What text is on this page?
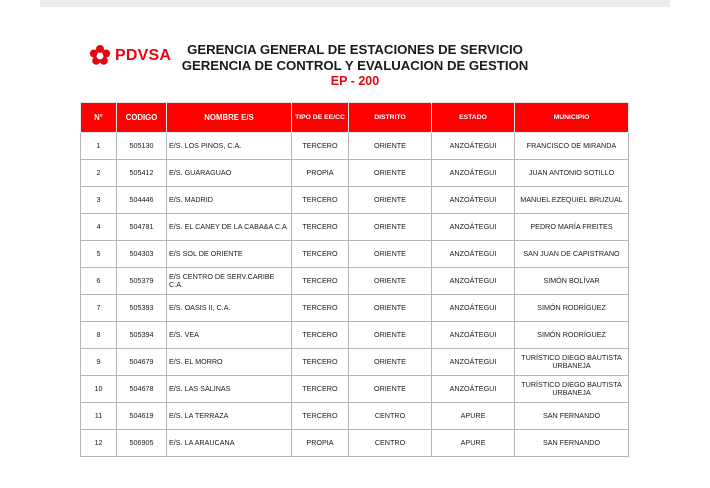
PDVSA	GERENCIA GENERAL DE ESTACIONES DE SERVICIO
GERENCIA DE CONTROL Y EVALUACION DE GESTION
EP - 200
N°	CODIGO	NOMBRE E/S	TIPO DE EE/CC	DISTRITO	ESTADO	MUNICIPIO
1	505130	E/S. LOS PINOS, C.A.	TERCERO	ORIENTE	ANZOÁTEGUI	FRANCISCO DE MIRANDA
2	505412	E/S. GUARAGUAO	PROPIA	ORIENTE	ANZOÁTEGUI	JUAN ANTONIO SOTILLO
3	504446	E/S. MADRID	TERCERO	ORIENTE	ANZOÁTEGUI	MANUEL EZEQUIEL BRUZUAL
4	504781	E/S. EL CANEY DE LA CABA&A C.A	TERCERO	ORIENTE	ANZOÁTEGUI	PEDRO MARÍA FREITES
5	504303	E/S SOL DE ORIENTE	TERCERO	ORIENTE	ANZOÁTEGUI	SAN JUAN DE CAPISTRANO
6	505379	E/S CENTRO DE SERV.CARIBE C.A.	TERCERO	ORIENTE	ANZOÁTEGUI	SIMÓN BOLÍVAR
7	505393	E/S. OASIS II, C.A.	TERCERO	ORIENTE	ANZOÁTEGUI	SIMÓN RODRÍGUEZ
8	505394	E/S. VEA	TERCERO	ORIENTE	ANZOÁTEGUI	SIMÓN RODRÍGUEZ
9	504679	E/S. EL MORRO	TERCERO	ORIENTE	ANZOÁTEGUI	TURÍSTICO DIEGO BAUTISTA URBANEJA
10	504678	E/S. LAS SALINAS	TERCERO	ORIENTE	ANZOÁTEGUI	TURÍSTICO DIEGO BAUTISTA URBANEJA
11	504619	E/S. LA TERRAZA	TERCERO	CENTRO	APURE	SAN FERNANDO
12	506905	E/S. LA ARAUCANA	PROPIA	CENTRO	APURE	SAN FERNANDO
